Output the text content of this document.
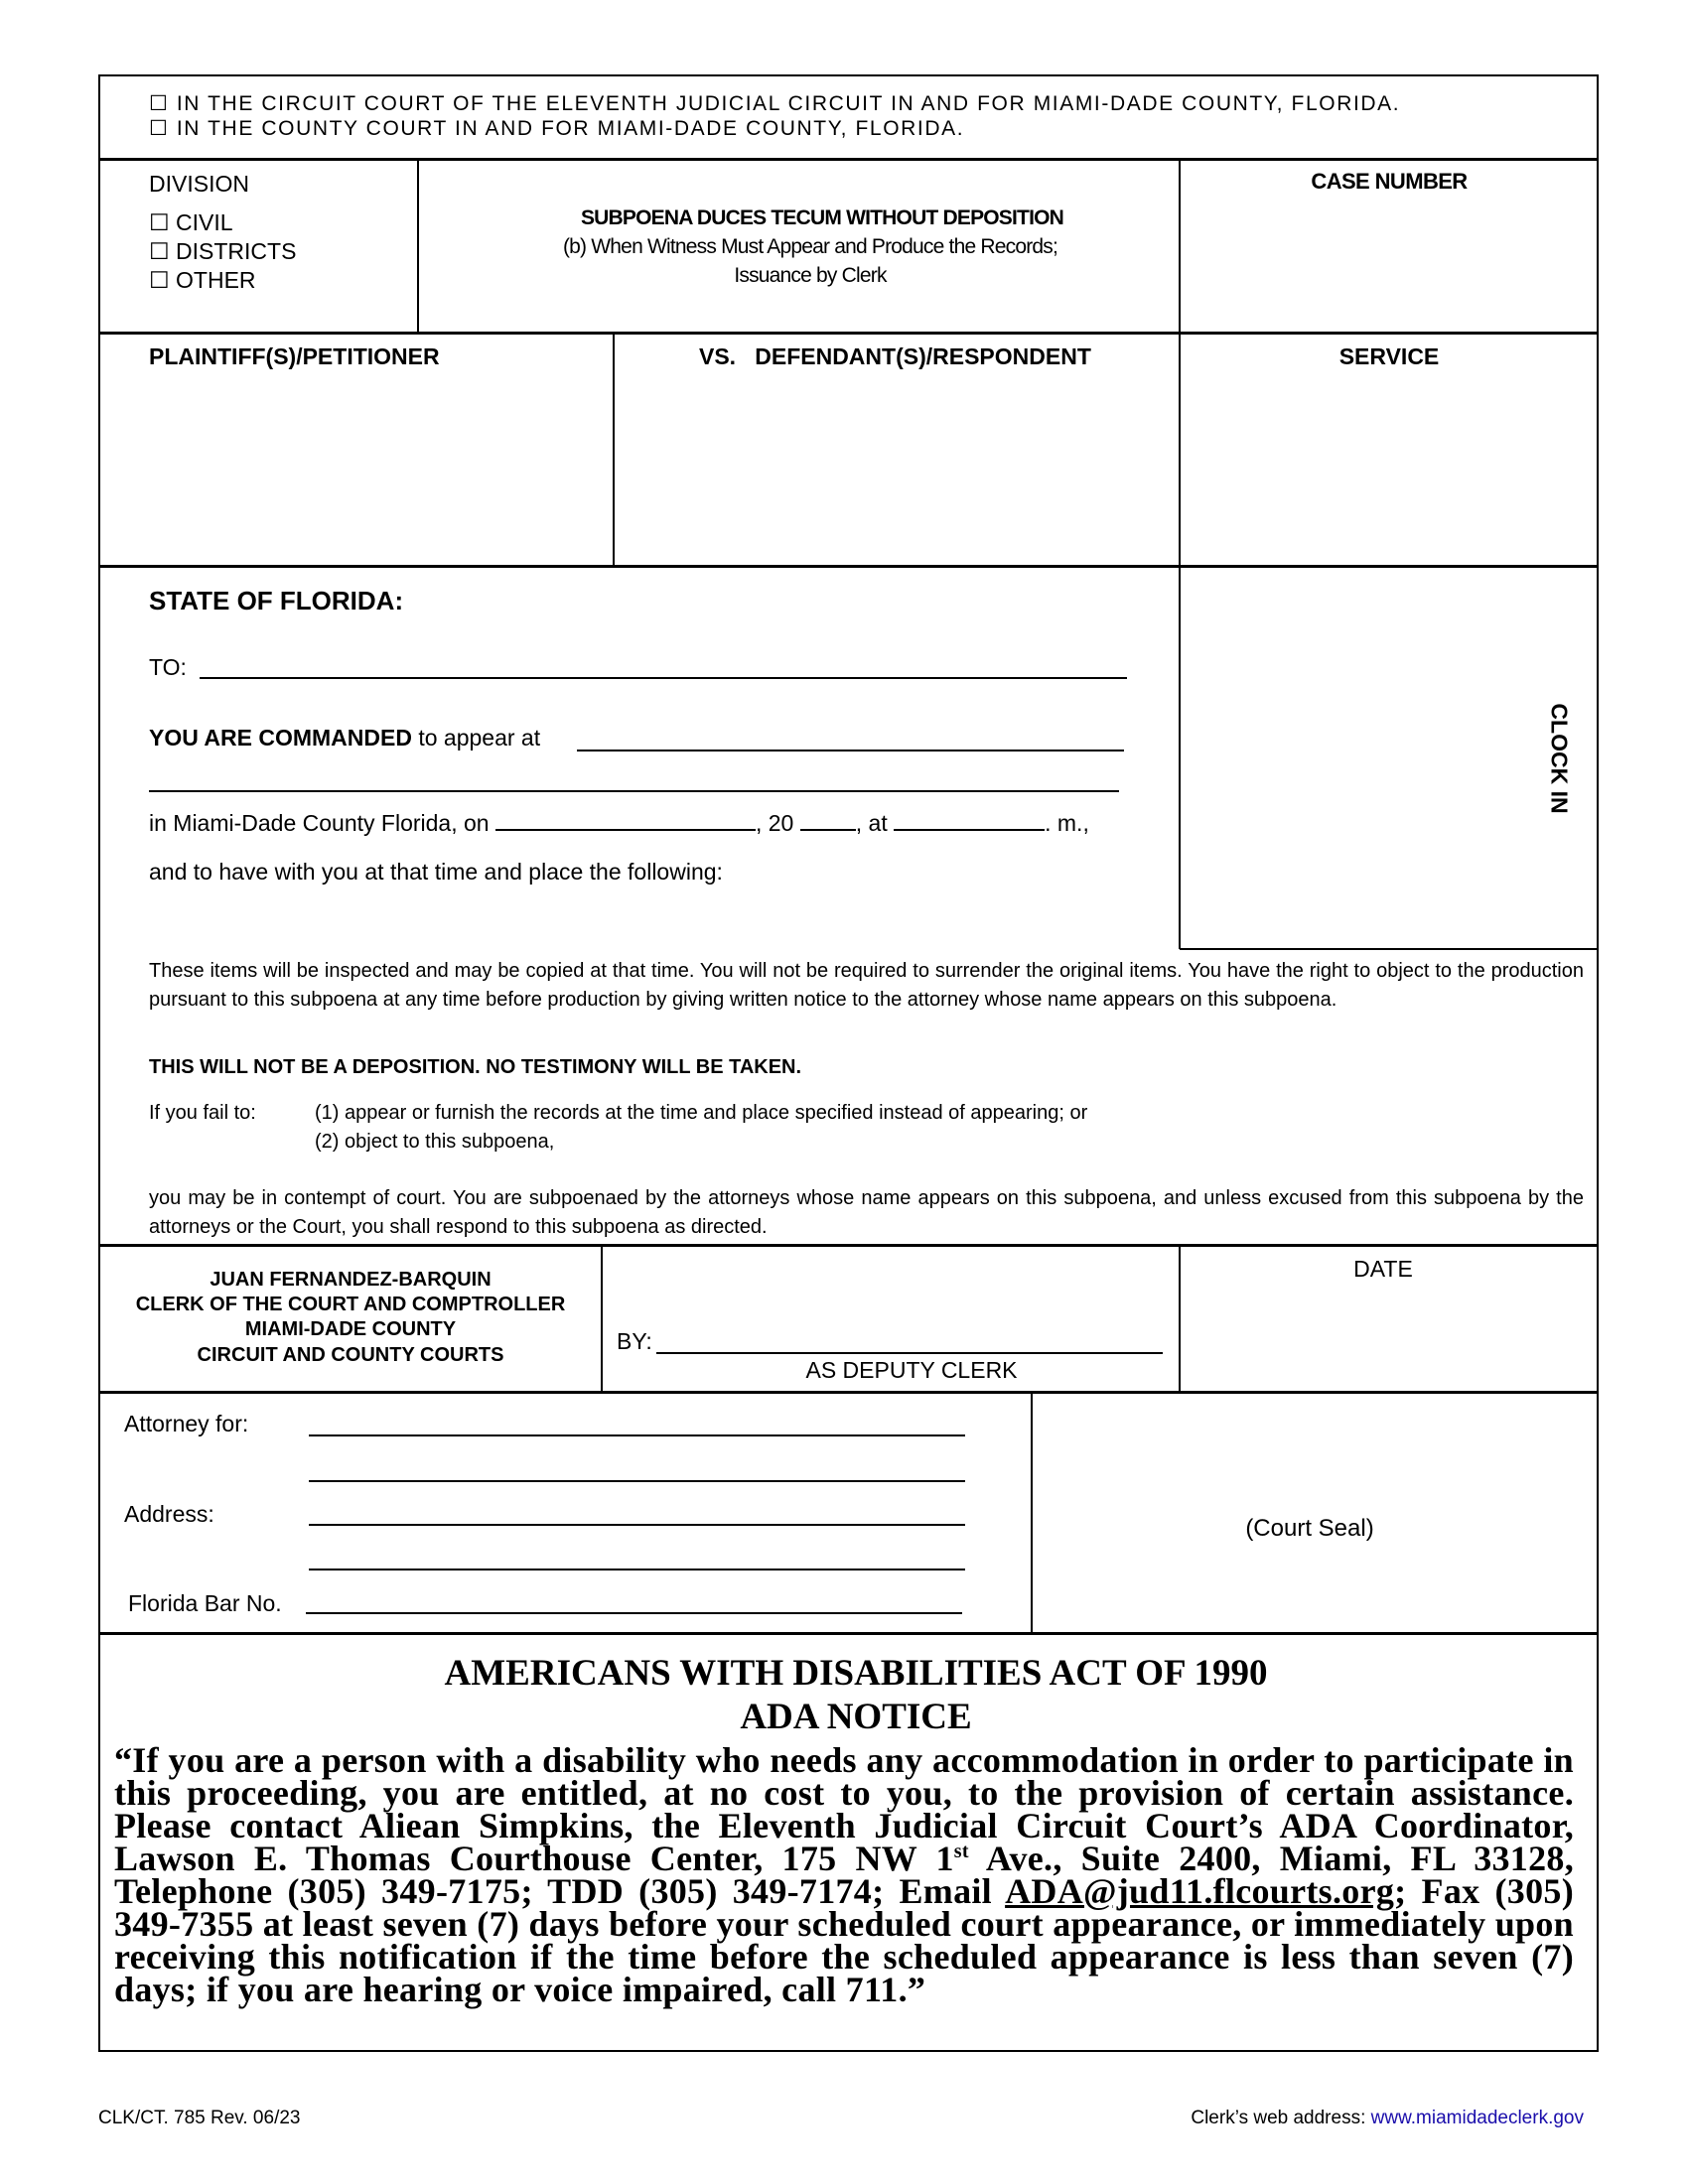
☐ IN THE CIRCUIT COURT OF THE ELEVENTH JUDICIAL CIRCUIT IN AND FOR MIAMI-DADE COUNTY, FLORIDA.
☐ IN THE COUNTY COURT IN AND FOR MIAMI-DADE COUNTY, FLORIDA.
DIVISION
☐ CIVIL
☐ DISTRICTS
☐ OTHER
SUBPOENA DUCES TECUM WITHOUT DEPOSITION
(b) When Witness Must Appear and Produce the Records;
Issuance by Clerk
CASE NUMBER
PLAINTIFF(S)/PETITIONER	VS.   DEFENDANT(S)/RESPONDENT	SERVICE
STATE OF FLORIDA:
TO:
YOU ARE COMMANDED to appear at
in Miami-Dade County Florida, on	, 20	, at	. m.,
and to have with you at that time and place the following:
CLOCK IN
These items will be inspected and may be copied at that time. You will not be required to surrender the original items. You have the right to object to the production pursuant to this subpoena at any time before production by giving written notice to the attorney whose name appears on this subpoena.
THIS WILL NOT BE A DEPOSITION. NO TESTIMONY WILL BE TAKEN.
If you fail to:	(1) appear or furnish the records at the time and place specified instead of appearing; or
(2) object to this subpoena,
you may be in contempt of court. You are subpoenaed by the attorneys whose name appears on this subpoena, and unless excused from this subpoena by the attorneys or the Court, you shall respond to this subpoena as directed.
JUAN FERNANDEZ-BARQUIN
CLERK OF THE COURT AND COMPTROLLER
MIAMI-DADE COUNTY
CIRCUIT AND COUNTY COURTS
BY:
AS DEPUTY CLERK
DATE
Attorney for:
Address:
Florida Bar No.
(Court Seal)
AMERICANS WITH DISABILITIES ACT OF 1990
ADA NOTICE
“If you are a person with a disability who needs any accommodation in order to participate in this proceeding, you are entitled, at no cost to you, to the provision of certain assistance. Please contact Aliean Simpkins, the Eleventh Judicial Circuit Court’s ADA Coordinator, Lawson E. Thomas Courthouse Center, 175 NW 1st Ave., Suite 2400, Miami, FL 33128, Telephone (305) 349-7175; TDD (305) 349-7174; Email ADA@jud11.flcourts.org; Fax (305) 349-7355 at least seven (7) days before your scheduled court appearance, or immediately upon receiving this notification if the time before the scheduled appearance is less than seven (7) days; if you are hearing or voice impaired, call 711.”
CLK/CT. 785 Rev. 06/23	Clerk’s web address: www.miamidadeclerk.gov
